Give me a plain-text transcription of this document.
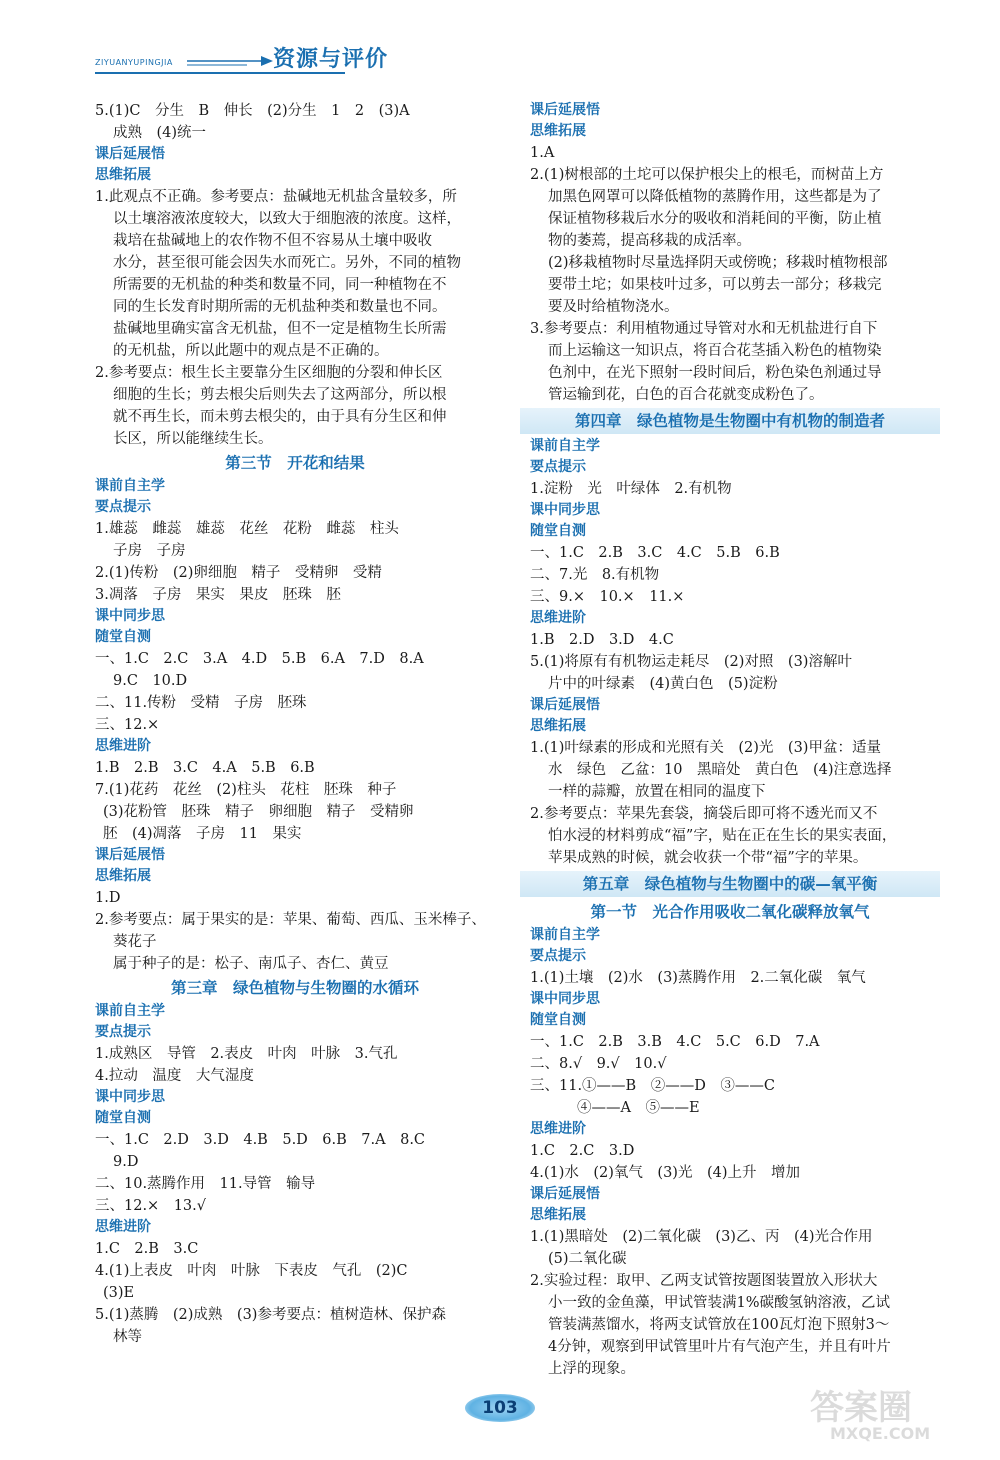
ZIYUANYUPINGJIA	资源与评价

5.(1)C　分生　B　伸长　(2)分生　1　2　(3)A

成熟　(4)统一

课后延展悟

思维拓展

1.此观点不正确。参考要点：盐碱地无机盐含量较多，所

以土壤溶液浓度较大，以致大于细胞液的浓度。这样，

栽培在盐碱地上的农作物不但不容易从土壤中吸收

水分，甚至很可能会因失水而死亡。另外，不同的植物

所需要的无机盐的种类和数量不同，同一种植物在不

同的生长发育时期所需的无机盐种类和数量也不同。

盐碱地里确实富含无机盐，但不一定是植物生长所需

的无机盐，所以此题中的观点是不正确的。

2.参考要点：根生长主要靠分生区细胞的分裂和伸长区

细胞的生长；剪去根尖后则失去了这两部分，所以根

就不再生长，而未剪去根尖的，由于具有分生区和伸

长区，所以能继续生长。

第三节　开花和结果

课前自主学

要点提示

1.雄蕊　雌蕊　雄蕊　花丝　花粉　雌蕊　柱头

子房　子房

2.(1)传粉　(2)卵细胞　精子　受精卵　受精

3.凋落　子房　果实　果皮　胚珠　胚

课中同步思

随堂自测

一、1.C　2.C　3.A　4.D　5.B　6.A　7.D　8.A

9.C　10.D

二、11.传粉　受精　子房　胚珠

三、12.×

思维进阶

1.B　2.B　3.C　4.A　5.B　6.B

7.(1)花药　花丝　(2)柱头　花柱　胚珠　种子

(3)花粉管　胚珠　精子　卵细胞　精子　受精卵

胚　(4)凋落　子房　11　果实

课后延展悟

思维拓展

1.D

2.参考要点：属于果实的是：苹果、葡萄、西瓜、玉米棒子、

葵花子

属于种子的是：松子、南瓜子、杏仁、黄豆

第三章　绿色植物与生物圈的水循环

课前自主学

要点提示

1.成熟区　导管　2.表皮　叶肉　叶脉　3.气孔

4.拉动　温度　大气湿度

课中同步思

随堂自测

一、1.C　2.D　3.D　4.B　5.D　6.B　7.A　8.C

9.D

二、10.蒸腾作用　11.导管　输导

三、12.×　13.√

思维进阶

1.C　2.B　3.C

4.(1)上表皮　叶肉　叶脉　下表皮　气孔　(2)C

(3)E

5.(1)蒸腾　(2)成熟　(3)参考要点：植树造林、保护森

林等

课后延展悟

思维拓展

1.A

2.(1)树根部的土坨可以保护根尖上的根毛，而树苗上方

加黑色网罩可以降低植物的蒸腾作用，这些都是为了

保证植物移栽后水分的吸收和消耗间的平衡，防止植

物的萎蔫，提高移栽的成活率。

(2)移栽植物时尽量选择阴天或傍晚；移栽时植物根部

要带土坨；如果枝叶过多，可以剪去一部分；移栽完

要及时给植物浇水。

3.参考要点：利用植物通过导管对水和无机盐进行自下

而上运输这一知识点，将百合花茎插入粉色的植物染

色剂中，在光下照射一段时间后，粉色染色剂通过导

管运输到花，白色的百合花就变成粉色了。

第四章　绿色植物是生物圈中有机物的制造者

课前自主学

要点提示

1.淀粉　光　叶绿体　2.有机物

课中同步思

随堂自测

一、1.C　2.B　3.C　4.C　5.B　6.B

二、7.光　8.有机物

三、9.×　10.×　11.×

思维进阶

1.B　2.D　3.D　4.C

5.(1)将原有有机物运走耗尽　(2)对照　(3)溶解叶

片中的叶绿素　(4)黄白色　(5)淀粉

课后延展悟

思维拓展

1.(1)叶绿素的形成和光照有关　(2)光　(3)甲盆：适量

水　绿色　乙盆：10　黑暗处　黄白色　(4)注意选择

一样的蒜瓣，放置在相同的温度下

2.参考要点：苹果先套袋，摘袋后即可将不透光而又不

怕水浸的材料剪成“福”字，贴在正在生长的果实表面，

苹果成熟的时候，就会收获一个带“福”字的苹果。

第五章　绿色植物与生物圈中的碳—氧平衡

第一节　光合作用吸收二氧化碳释放氧气

课前自主学

要点提示

1.(1)土壤　(2)水　(3)蒸腾作用　2.二氧化碳　氧气

课中同步思

随堂自测

一、1.C　2.B　3.B　4.C　5.C　6.D　7.A

二、8.√　9.√　10.√

三、11.①——B　②——D　③——C

　　④——A　⑤——E

思维进阶

1.C　2.C　3.D

4.(1)水　(2)氧气　(3)光　(4)上升　增加

课后延展悟

思维拓展

1.(1)黑暗处　(2)二氧化碳　(3)乙、丙　(4)光合作用

(5)二氧化碳

2.实验过程：取甲、乙两支试管按题图装置放入形状大

小一致的金鱼藻，甲试管装满1%碳酸氢钠溶液，乙试

管装满蒸馏水，将两支试管放在100瓦灯泡下照射3～

4分钟，观察到甲试管里叶片有气泡产生，并且有叶片

上浮的现象。

103	答案圈
MXQE.COM
